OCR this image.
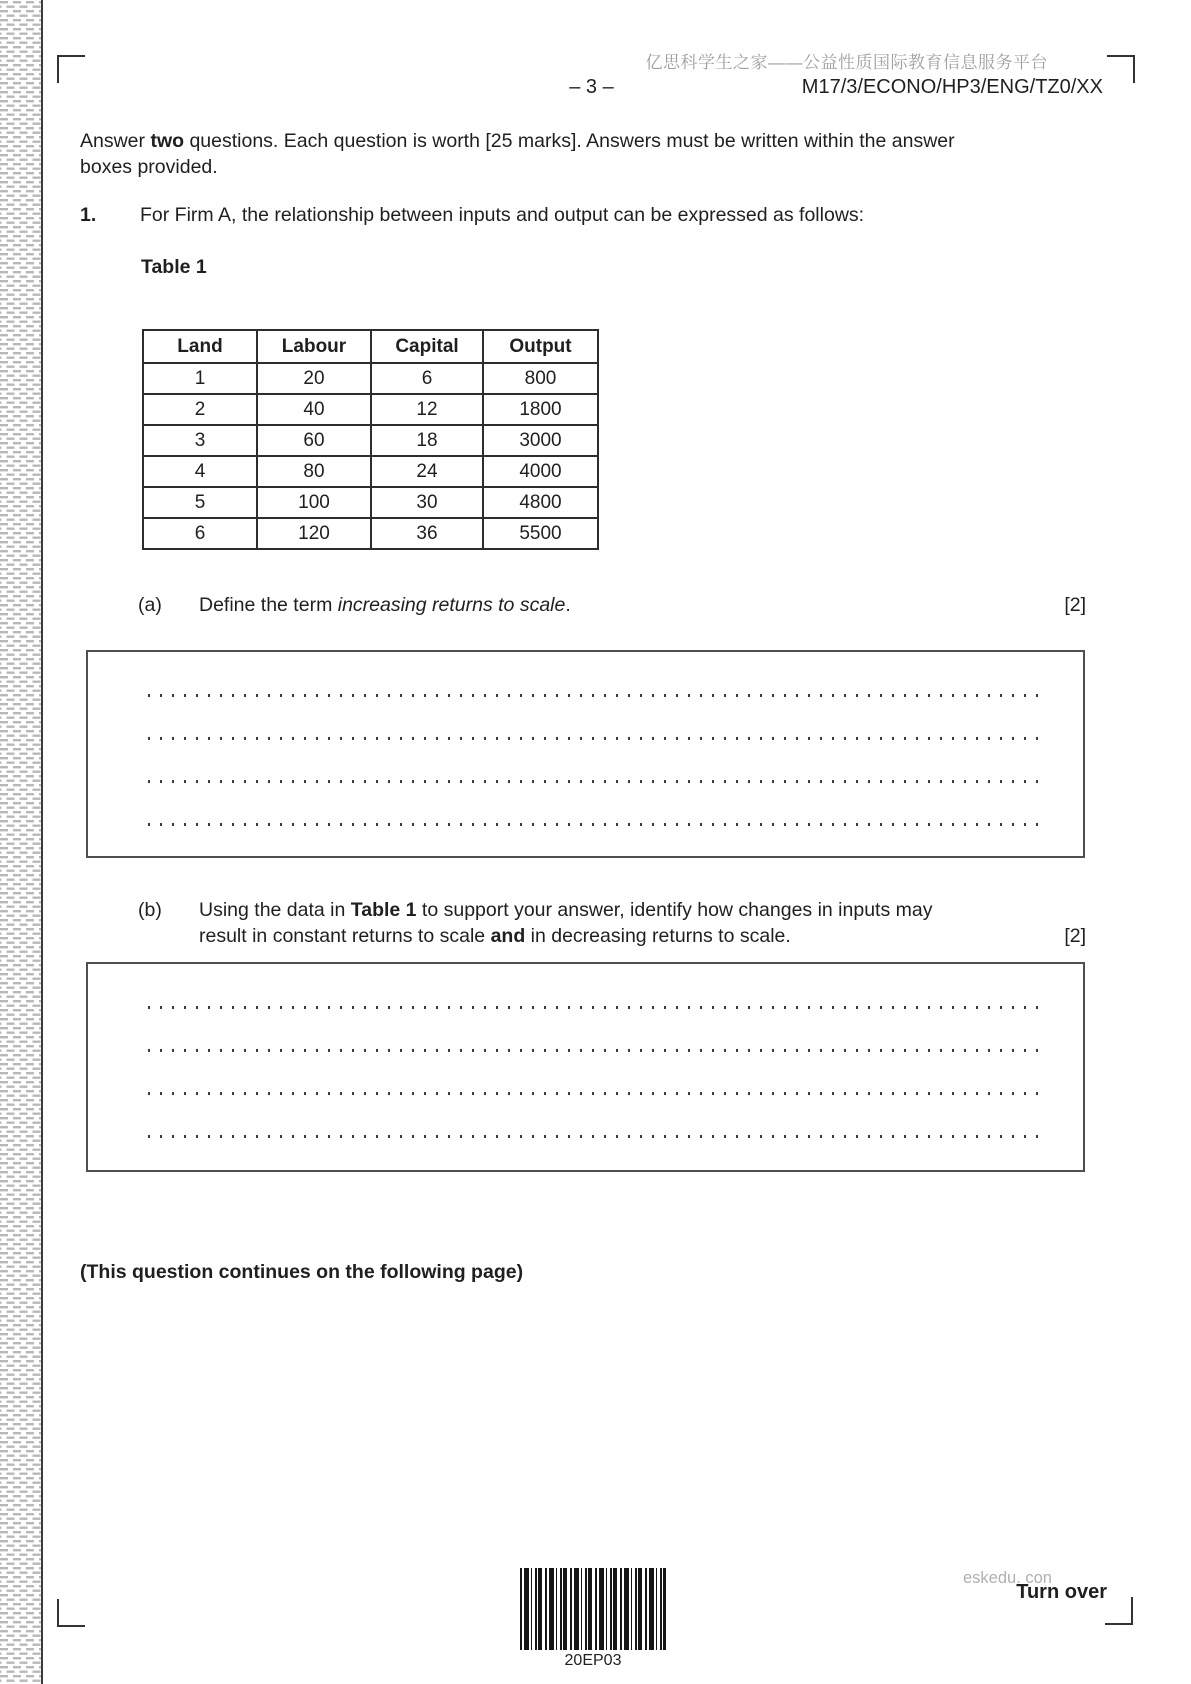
亿思科学生之家——公益性质国际教育信息服务平台
– 3 –	M17/3/ECONO/HP3/ENG/TZ0/XX
Answer two questions. Each question is worth [25 marks]. Answers must be written within the answer
boxes provided.
1. For Firm A, the relationship between inputs and output can be expressed as follows:
Table 1
Land	Labour	Capital	Output
1	20	6	800
2	40	12	1800
3	60	18	3000
4	80	24	4000
5	100	30	4800
6	120	36	5500
(a) Define the term increasing returns to scale.	[2]
(b) Using the data in Table 1 to support your answer, identify how changes in inputs may
result in constant returns to scale and in decreasing returns to scale.	[2]
(This question continues on the following page)
20EP03
eskedu. con
Turn over
